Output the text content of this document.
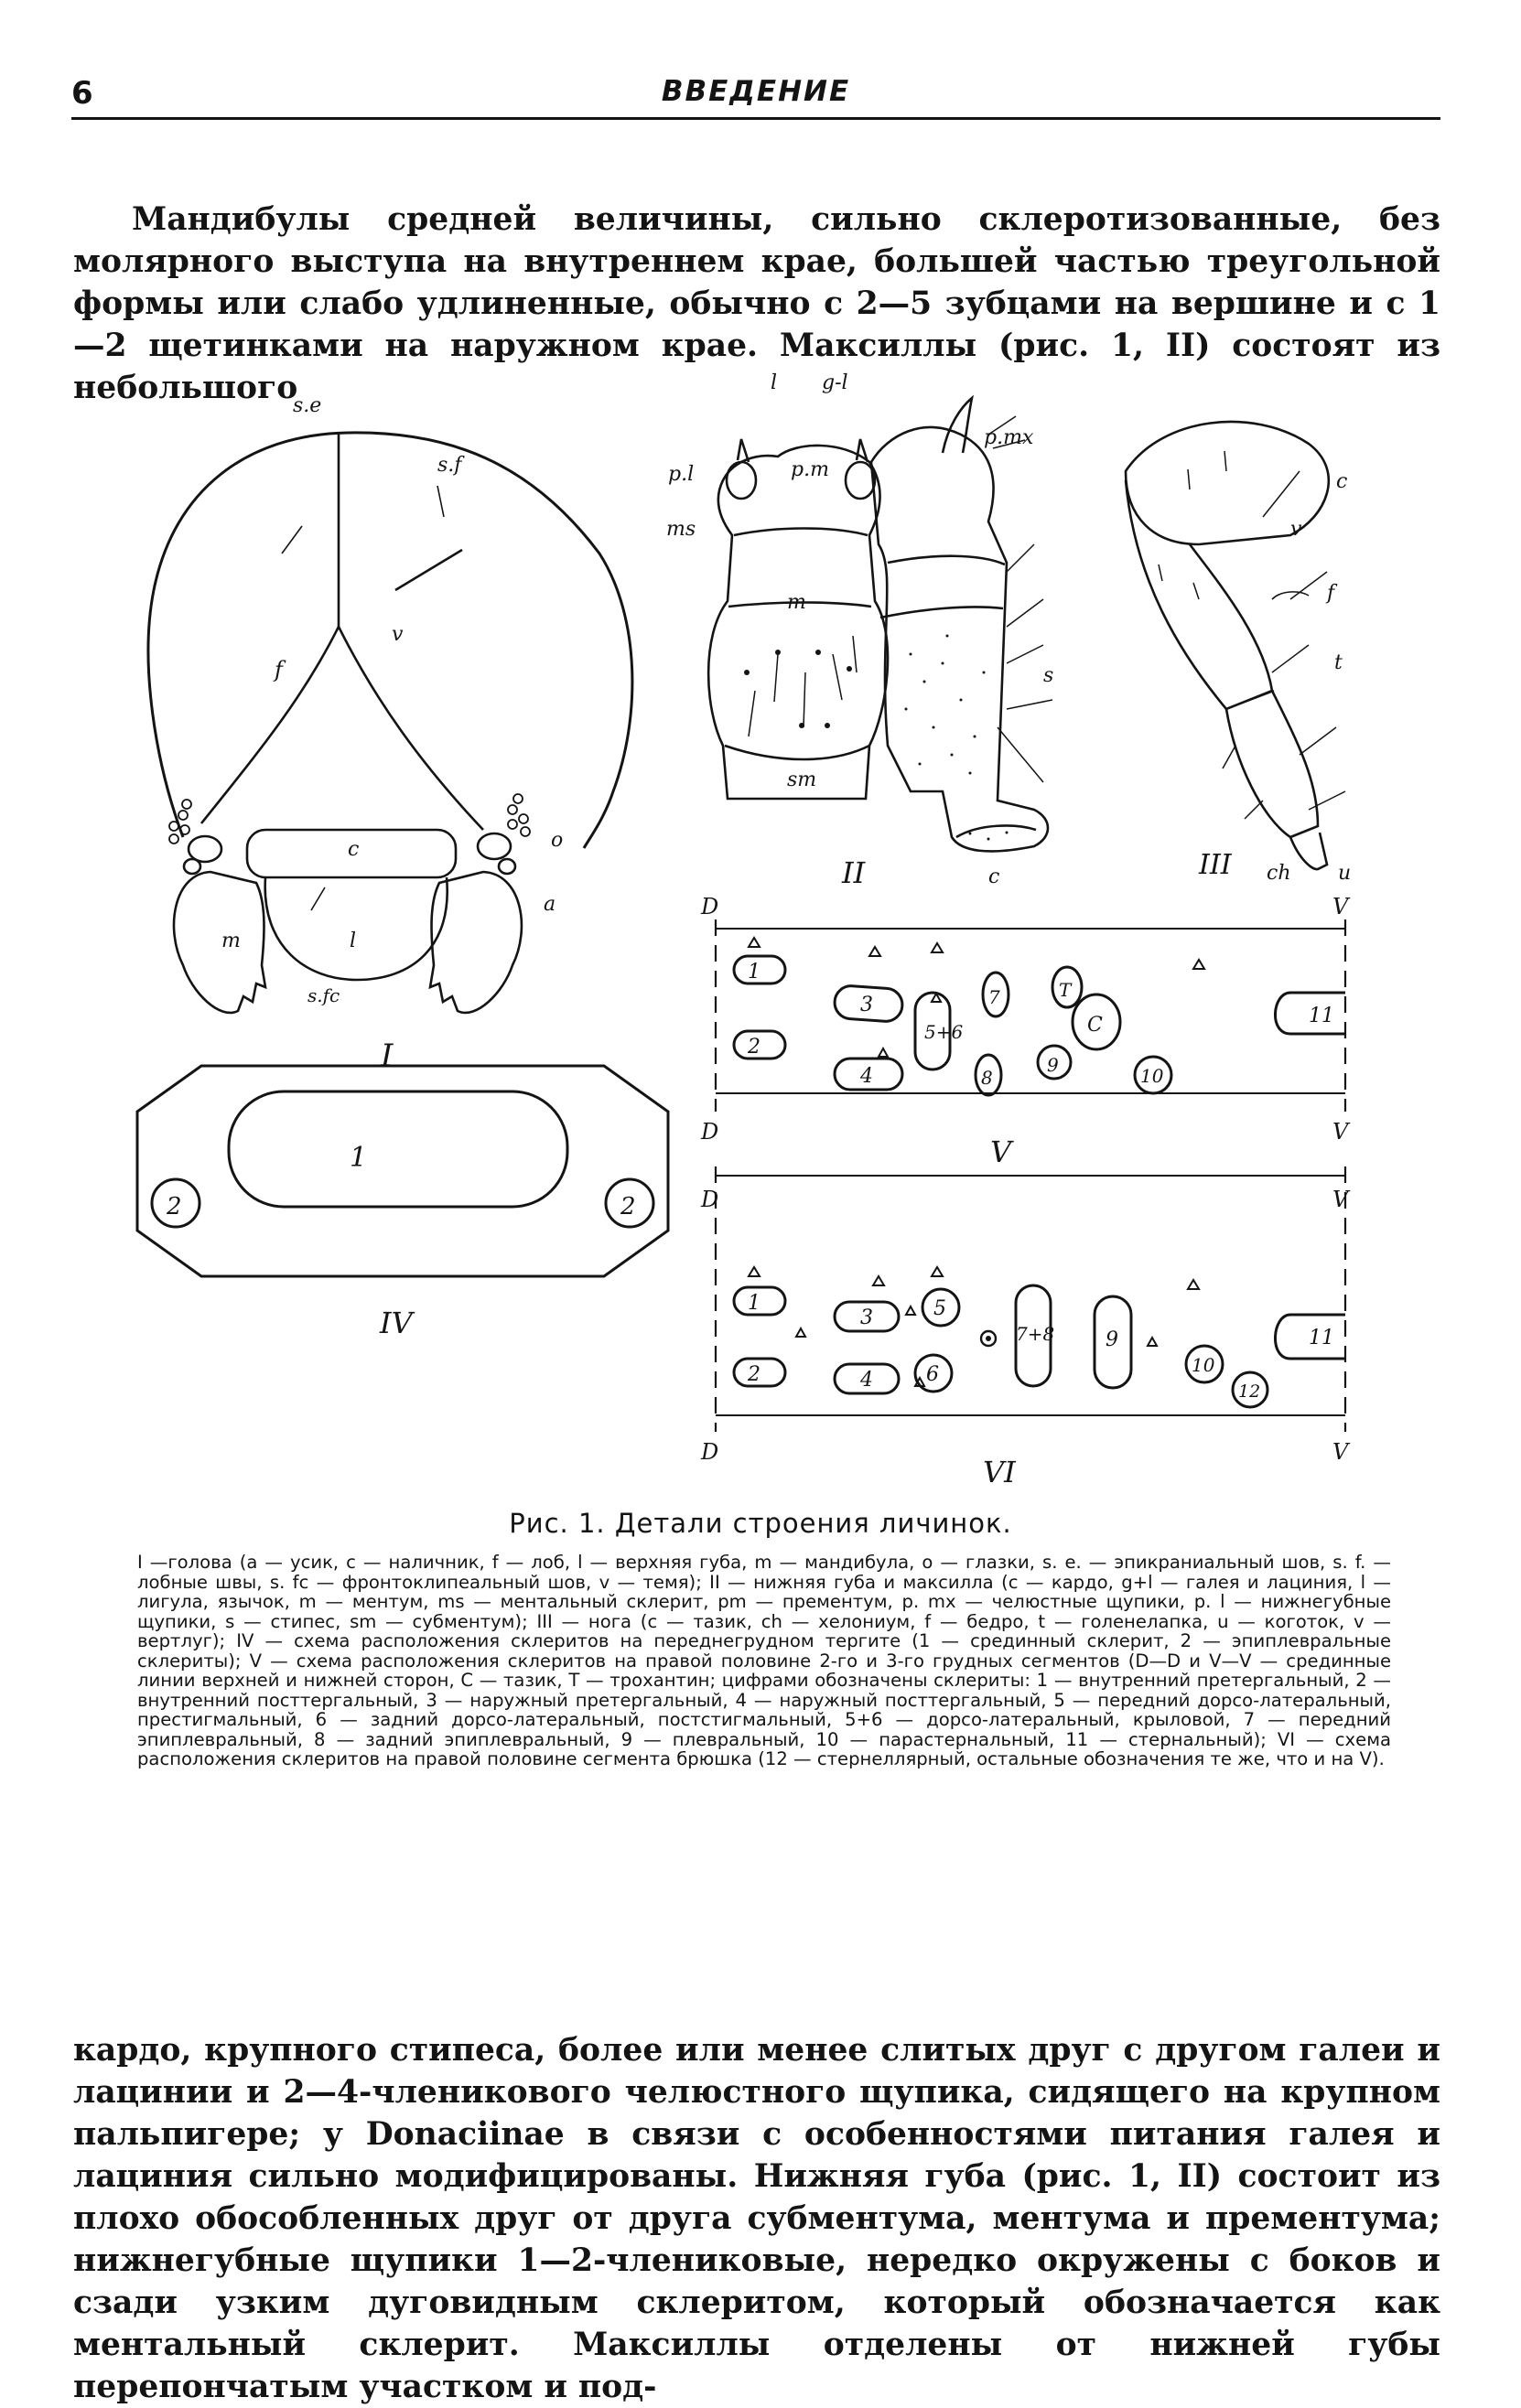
6	ВВЕДЕНИЕ

Мандибулы средней величины, сильно склеротизованные, без молярного выступа на внутреннем крае, большей частью треугольной формы или слабо удлиненные, обычно с 2—5 зубцами на вершине и с 1—2 щетинками на наружном крае. Максиллы (рис. 1, II) состоят из небольшого

s.e
s.f
v
f
c	o
l
m
a
s.fc
I
l g-l
p.l	p.m
p.mx
ms
m
s
sm
c
II
c
v
f
t
ch u
III
1
2	2
IV
D	V
D	V
1
2
3
4
5+6
7
8
9
T
C
10
11
V
D	V
D	V
1
2
3
4
5
6
7+8	9
10
11
12
VI
Рис. 1. Детали строения личинок.
I —голова (a — усик, c — наличник, f — лоб, l — верхняя губа, m — мандибула, o — глазки, s. e. — эпикраниальный шов, s. f. — лобные швы, s. fc — фронтоклипеальный шов, v — темя); II — нижняя губа и максилла (c — кардо, g+l — галея и лациния, l —лигула, язычок, m — ментум, ms — ментальный склерит, pm — прементум, p. mx — челюстные щупики, p. l — нижнегубные щупики, s — стипес, sm — субментум); III — нога (c — тазик, ch — хелониум, f — бедро, t — голенелапка, u — коготок, v — вертлуг); IV — схема расположения склеритов на переднегрудном тергите (1 — срединный склерит, 2 — эпиплевральные склериты); V — схема расположения склеритов на правой половине 2-го и 3-го грудных сегментов (D—D и V—V — срединные линии верхней и нижней сторон, C — тазик, T — трохантин; цифрами обозначены склериты: 1 — внутренний претергальный, 2 — внутренний посттергальный, 3 — наружный претергальный, 4 — наружный посттергальный, 5 — передний дорсо-латеральный, престигмальный, 6 — задний дорсо-латеральный, постстигмальный, 5+6 — дорсо-латеральный, крыловой, 7 — передний эпиплевральный, 8 — задний эпиплевральный, 9 — плевральный, 10 — парастернальный, 11 — стернальный); VI — схема расположения склеритов на правой половине сегмента брюшка (12 — стернеллярный, остальные обозначения те же, что и на V).

кардо, крупного стипеса, более или менее слитых друг с другом галеи и лацинии и 2—4-членикового челюстного щупика, сидящего на крупном пальпигере; у Donaciinae в связи с особенностями питания галея и лациния сильно модифицированы. Нижняя губа (рис. 1, II) состоит из плохо обособленных друг от друга субментума, ментума и прементума; нижнегубные щупики 1—2-члениковые, нередко окружены с боков и сзади узким дуговидным склеритом, который обозначается как ментальный склерит. Максиллы отделены от нижней губы перепончатым участком и под-
